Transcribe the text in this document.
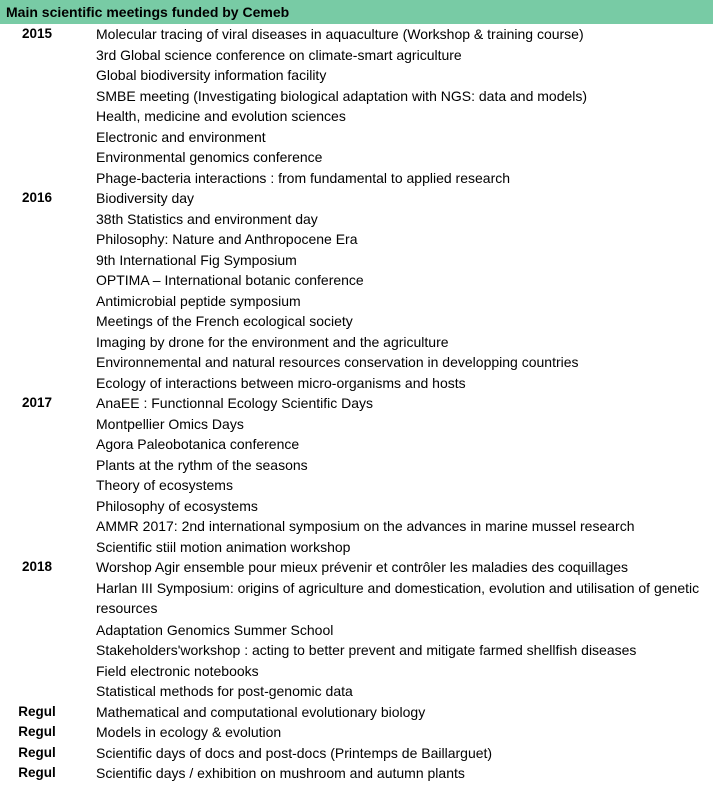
Main scientific meetings funded by Cemeb
2015	Molecular tracing of viral diseases in aquaculture (Workshop & training course)
3rd Global science conference on climate-smart agriculture
Global biodiversity information facility
SMBE meeting (Investigating biological adaptation with NGS: data and models)
Health, medicine and evolution sciences
Electronic and environment
Environmental genomics conference
Phage-bacteria interactions : from fundamental to applied research
2016	Biodiversity day
38th Statistics and environment day
Philosophy: Nature and Anthropocene Era
9th International Fig Symposium
OPTIMA – International botanic conference
Antimicrobial peptide symposium
Meetings of the French ecological society
Imaging by drone for the environment and the agriculture
Environnemental and natural resources conservation in developping countries
Ecology of interactions between micro-organisms and hosts
2017	AnaEE : Functionnal Ecology Scientific Days
Montpellier Omics Days
Agora Paleobotanica conference
Plants at the rythm of the seasons
Theory of ecosystems
Philosophy of ecosystems
AMMR 2017: 2nd international symposium on the advances in marine mussel research
Scientific stiil motion animation workshop
2018	Worshop Agir ensemble pour mieux prévenir et contrôler les maladies des coquillages
Harlan III Symposium: origins of agriculture and domestication, evolution and utilisation of genetic resources
Adaptation Genomics Summer School
Stakeholders'workshop : acting to better prevent and mitigate farmed shellfish diseases
Field electronic notebooks
Statistical methods for post-genomic data
Regul	Mathematical and computational evolutionary biology
Regul	Models in ecology & evolution
Regul	Scientific days of docs and post-docs (Printemps de Baillarguet)
Regul	Scientific days / exhibition on mushroom and autumn plants
